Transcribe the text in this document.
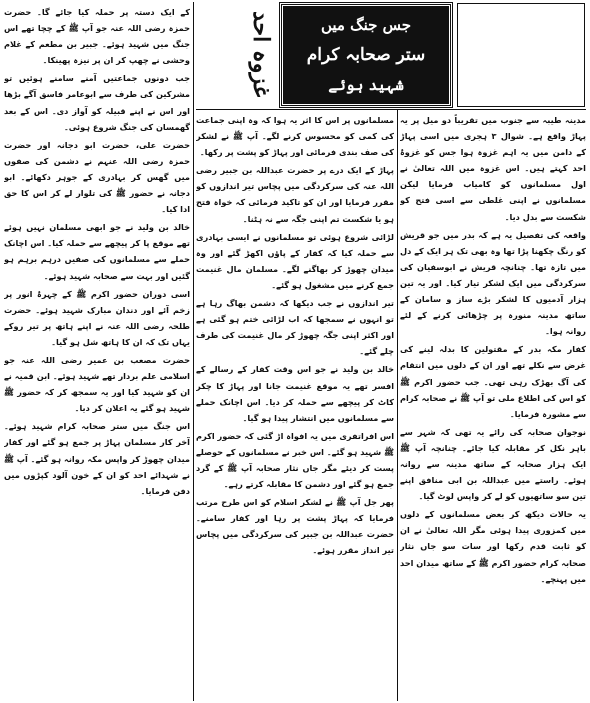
جس جنگ میں
ستر صحابہ کرام
شہید ہوئے
غزوہ احد

مدینہ طیبہ سے جنوب میں تقریباً دو میل پر یہ پہاڑ واقع ہے۔ شوال ۳ ہجری میں اسی پہاڑ کے دامن میں یہ اہم غزوہ ہوا جس کو غزوۂ احد کہتے ہیں۔ اس غزوہ میں اللہ تعالیٰ نے اول مسلمانوں کو کامیاب فرمایا لیکن مسلمانوں نے اپنی غلطی سے اسی فتح کو شکست سے بدل دیا۔

واقعہ کی تفصیل یہ ہے کہ بدر میں جو قریش کو رنگ چکھنا پڑا تھا وہ بھی تک ہر ایک کے دل میں تازہ تھا۔ چنانچہ قریش نے ابوسفیان کی سرکردگی میں ایک لشکر تیار کیا۔ اور یہ تین ہزار آدمیوں کا لشکر بڑے ساز و سامان کے ساتھ مدینہ منورہ پر چڑھائی کرنے کے لئے روانہ ہوا۔

کفار مکہ بدر کے مقتولین کا بدلہ لینے کی غرض سے نکلے تھے اور ان کے دلوں میں انتقام کی آگ بھڑک رہی تھی۔ جب حضور اکرم ﷺ کو اس کی اطلاع ملی تو آپ ﷺ نے صحابہ کرام سے مشورہ فرمایا۔

نوجوان صحابہ کی رائے یہ تھی کہ شہر سے باہر نکل کر مقابلہ کیا جائے۔ چنانچہ آپ ﷺ ایک ہزار صحابہ کے ساتھ مدینہ سے روانہ ہوئے۔ راستے میں عبداللہ بن ابی منافق اپنے تین سو ساتھیوں کو لے کر واپس لوٹ گیا۔

یہ حالات دیکھ کر بعض مسلمانوں کے دلوں میں کمزوری پیدا ہوئی مگر اللہ تعالیٰ نے ان کو ثابت قدم رکھا اور سات سو جاں نثار صحابہ کرام حضور اکرم ﷺ کے ساتھ میدان احد میں پہنچے۔

مسلمانوں پر اس کا اثر یہ ہوا کہ وہ اپنی جماعت کی کمی کو محسوس کرنے لگے۔ آپ ﷺ نے لشکر کی صف بندی فرمائی اور پہاڑ کو پشت پر رکھا۔

پہاڑ کے ایک درے پر حضرت عبداللہ بن جبیر رضی اللہ عنہ کی سرکردگی میں پچاس تیر اندازوں کو مقرر فرمایا اور ان کو تاکید فرمائی کہ خواہ فتح ہو یا شکست تم اپنی جگہ سے نہ ہٹنا۔

لڑائی شروع ہوئی تو مسلمانوں نے ایسی بہادری سے حملہ کیا کہ کفار کے پاؤں اکھڑ گئے اور وہ میدان چھوڑ کر بھاگنے لگے۔ مسلمان مال غنیمت جمع کرنے میں مشغول ہو گئے۔

تیر اندازوں نے جب دیکھا کہ دشمن بھاگ رہا ہے تو انہوں نے سمجھا کہ اب لڑائی ختم ہو گئی ہے اور اکثر اپنی جگہ چھوڑ کر مال غنیمت کی طرف چلے گئے۔

خالد بن ولید نے جو اس وقت کفار کے رسالے کے افسر تھے یہ موقع غنیمت جانا اور پہاڑ کا چکر کاٹ کر پیچھے سے حملہ کر دیا۔ اس اچانک حملے سے مسلمانوں میں انتشار پیدا ہو گیا۔

اس افراتفری میں یہ افواہ اڑ گئی کہ حضور اکرم ﷺ شہید ہو گئے۔ اس خبر نے مسلمانوں کے حوصلے پست کر دیئے مگر جاں نثار صحابہ آپ ﷺ کے گرد جمع ہو گئے اور دشمن کا مقابلہ کرتے رہے۔

پھر جل آپ ﷺ نے لشکر اسلام کو اس طرح مرتب فرمایا کہ پہاڑ پشت پر رہا اور کفار سامنے۔ حضرت عبداللہ بن جبیر کی سرکردگی میں پچاس تیر انداز مقرر ہوئے۔

کے ایک دستہ پر حملہ کیا جائے گا۔ حضرت حمزہ رضی اللہ عنہ جو آپ ﷺ کے چچا تھے اس جنگ میں شہید ہوئے۔ جبیر بن مطعم کے غلام وحشی نے چھپ کر ان پر نیزہ پھینکا۔

جب دونوں جماعتیں آمنے سامنے ہوئیں تو مشرکین کی طرف سے ابوعامر فاسق آگے بڑھا اور اس نے اپنے قبیلہ کو آواز دی۔ اس کے بعد گھمسان کی جنگ شروع ہوئی۔

حضرت علی، حضرت ابو دجانہ اور حضرت حمزہ رضی اللہ عنہم نے دشمن کی صفوں میں گھس کر بہادری کے جوہر دکھائے۔ ابو دجانہ نے حضور ﷺ کی تلوار لے کر اس کا حق ادا کیا۔

خالد بن ولید نے جو ابھی مسلمان نہیں ہوئے تھے موقع پا کر پیچھے سے حملہ کیا۔ اس اچانک حملے سے مسلمانوں کی صفیں درہم برہم ہو گئیں اور بہت سے صحابہ شہید ہوئے۔

اسی دوران حضور اکرم ﷺ کے چہرۂ انور پر زخم آئے اور دندان مبارک شہید ہوئے۔ حضرت طلحہ رضی اللہ عنہ نے اپنے ہاتھ پر تیر روکے یہاں تک کہ ان کا ہاتھ شل ہو گیا۔

حضرت مصعب بن عمیر رضی اللہ عنہ جو اسلامی علم بردار تھے شہید ہوئے۔ ابن قمیہ نے ان کو شہید کیا اور یہ سمجھ کر کہ حضور ﷺ شہید ہو گئے یہ اعلان کر دیا۔

اس جنگ میں ستر صحابہ کرام شہید ہوئے۔ آخر کار مسلمان پہاڑ پر جمع ہو گئے اور کفار میدان چھوڑ کر واپس مکہ روانہ ہو گئے۔ آپ ﷺ نے شہدائے احد کو ان کے خون آلود کپڑوں میں دفن فرمایا۔
